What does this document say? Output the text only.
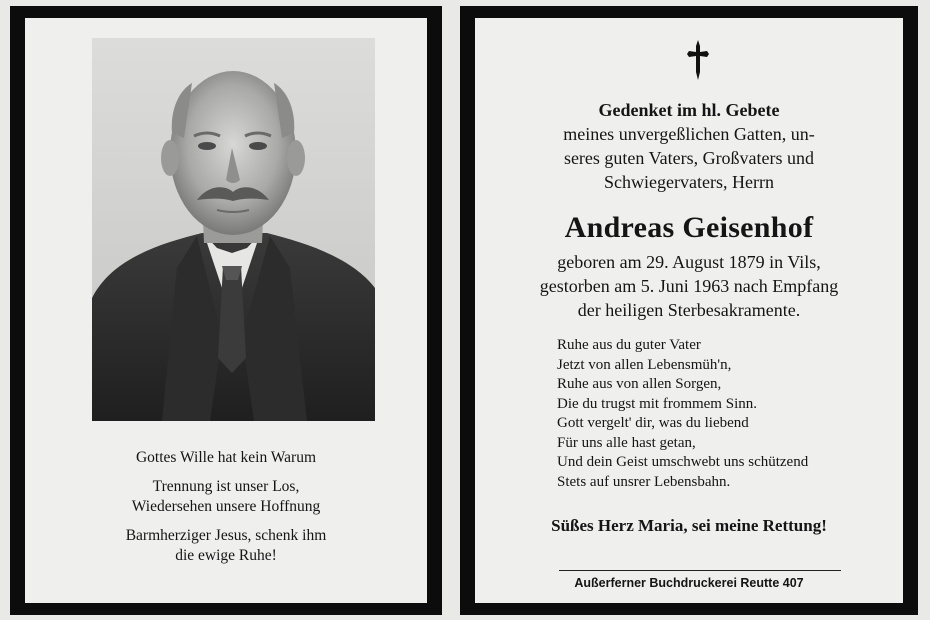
Gottes Wille hat kein Warum

Trennung ist unser Los,
Wiedersehen unsere Hoffnung

Barmherziger Jesus, schenk ihm
die ewige Ruhe!

Gedenket im hl. Gebete
meines unvergeßlichen Gatten, un-
seres guten Vaters, Großvaters und
Schwiegervaters, Herrn
Andreas Geisenhof
geboren am 29. August 1879 in Vils,
gestorben am 5. Juni 1963 nach Empfang
der heiligen Sterbesakramente.
Ruhe aus du guter Vater
Jetzt von allen Lebensmüh'n,
Ruhe aus von allen Sorgen,
Die du trugst mit frommem Sinn.
Gott vergelt' dir, was du liebend
Für uns alle hast getan,
Und dein Geist umschwebt uns schützend
Stets auf unsrer Lebensbahn.
Süßes Herz Maria, sei meine Rettung!
Außerferner Buchdruckerei Reutte 407
